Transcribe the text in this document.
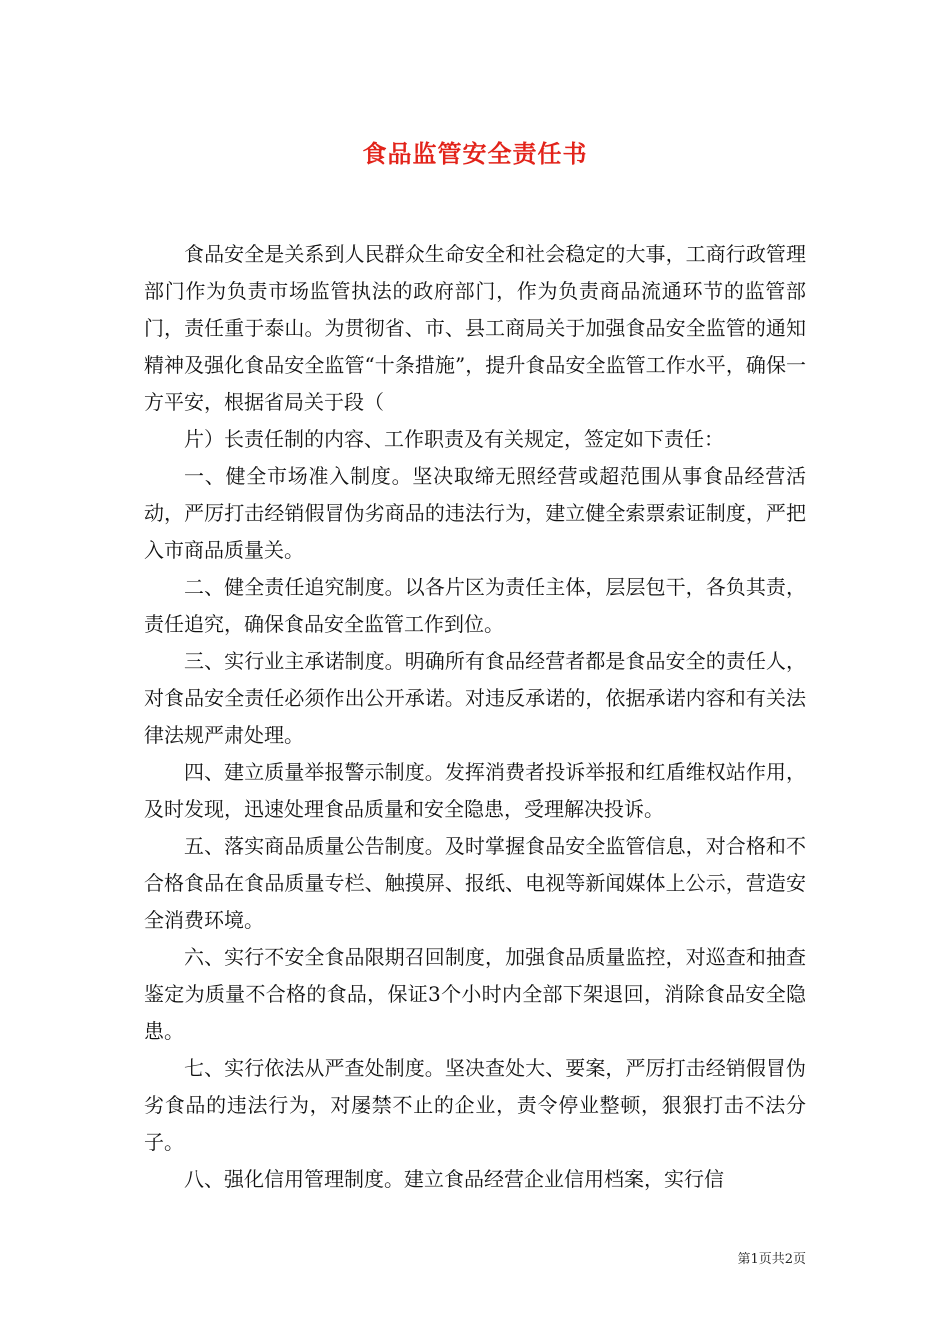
食品监管安全责任书

食品安全是关系到人民群众生命安全和社会稳定的大事，工商行政管理部门作为负责市场监管执法的政府部门，作为负责商品流通环节的监管部门，责任重于泰山。为贯彻省、市、县工商局关于加强食品安全监管的通知精神及强化食品安全监管“十条措施”，提升食品安全监管工作水平，确保一方平安，根据省局关于段（

片）长责任制的内容、工作职责及有关规定，签定如下责任：

一、健全市场准入制度。坚决取缔无照经营或超范围从事食品经营活动，严厉打击经销假冒伪劣商品的违法行为，建立健全索票索证制度，严把入市商品质量关。

二、健全责任追究制度。以各片区为责任主体，层层包干，各负其责，责任追究，确保食品安全监管工作到位。

三、实行业主承诺制度。明确所有食品经营者都是食品安全的责任人，对食品安全责任必须作出公开承诺。对违反承诺的，依据承诺内容和有关法律法规严肃处理。

四、建立质量举报警示制度。发挥消费者投诉举报和红盾维权站作用，及时发现，迅速处理食品质量和安全隐患，受理解决投诉。

五、落实商品质量公告制度。及时掌握食品安全监管信息，对合格和不合格食品在食品质量专栏、触摸屏、报纸、电视等新闻媒体上公示，营造安全消费环境。

六、实行不安全食品限期召回制度，加强食品质量监控，对巡查和抽查鉴定为质量不合格的食品，保证3个小时内全部下架退回，消除食品安全隐患。

七、实行依法从严查处制度。坚决查处大、要案，严厉打击经销假冒伪劣食品的违法行为，对屡禁不止的企业，责令停业整顿，狠狠打击不法分子。

八、强化信用管理制度。建立食品经营企业信用档案，实行信

第1页共2页
